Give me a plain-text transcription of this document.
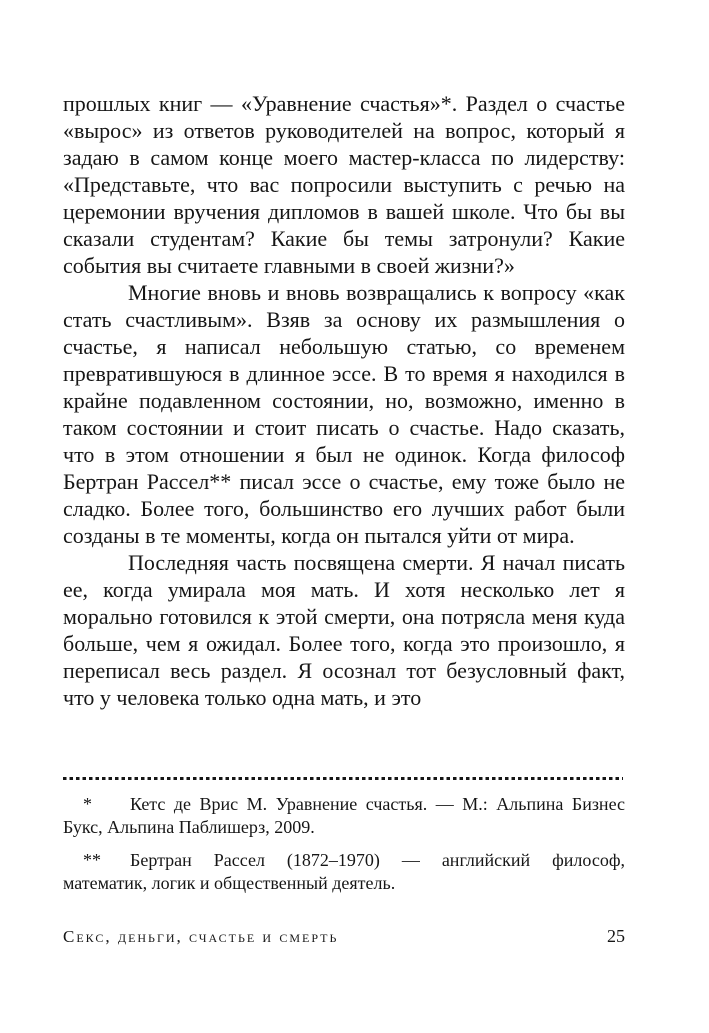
прошлых книг — «Уравнение счастья»*. Раздел о счастье «вырос» из ответов руководителей на вопрос, который я задаю в самом конце моего мастер-класса по лидерству: «Представьте, что вас попросили выступить с речью на церемонии вручения дипломов в вашей школе. Что бы вы сказали студентам? Какие бы темы затронули? Какие события вы считаете главными в своей жизни?»

Многие вновь и вновь возвращались к вопросу «как стать счастливым». Взяв за основу их размышления о счастье, я написал небольшую статью, со временем превратившуюся в длинное эссе. В то время я находился в крайне подавленном состоянии, но, возможно, именно в таком состоянии и стоит писать о счастье. Надо сказать, что в этом отношении я был не одинок. Когда философ Бертран Рассел** писал эссе о счастье, ему тоже было не сладко. Более того, большинство его лучших работ были созданы в те моменты, когда он пытался уйти от мира.

Последняя часть посвящена смерти. Я начал писать ее, когда умирала моя мать. И хотя несколько лет я морально готовился к этой смерти, она потрясла меня куда больше, чем я ожидал. Более того, когда это произошло, я переписал весь раздел. Я осознал тот безусловный факт, что у человека только одна мать, и это

* Кетс де Врис М. Уравнение счастья. — М.: Альпина Бизнес Букс, Альпина Паблишерз, 2009.

** Бертран Рассел (1872–1970) — английский философ, математик, логик и общественный деятель.

Секс, деньги, счастье и смерть	25
